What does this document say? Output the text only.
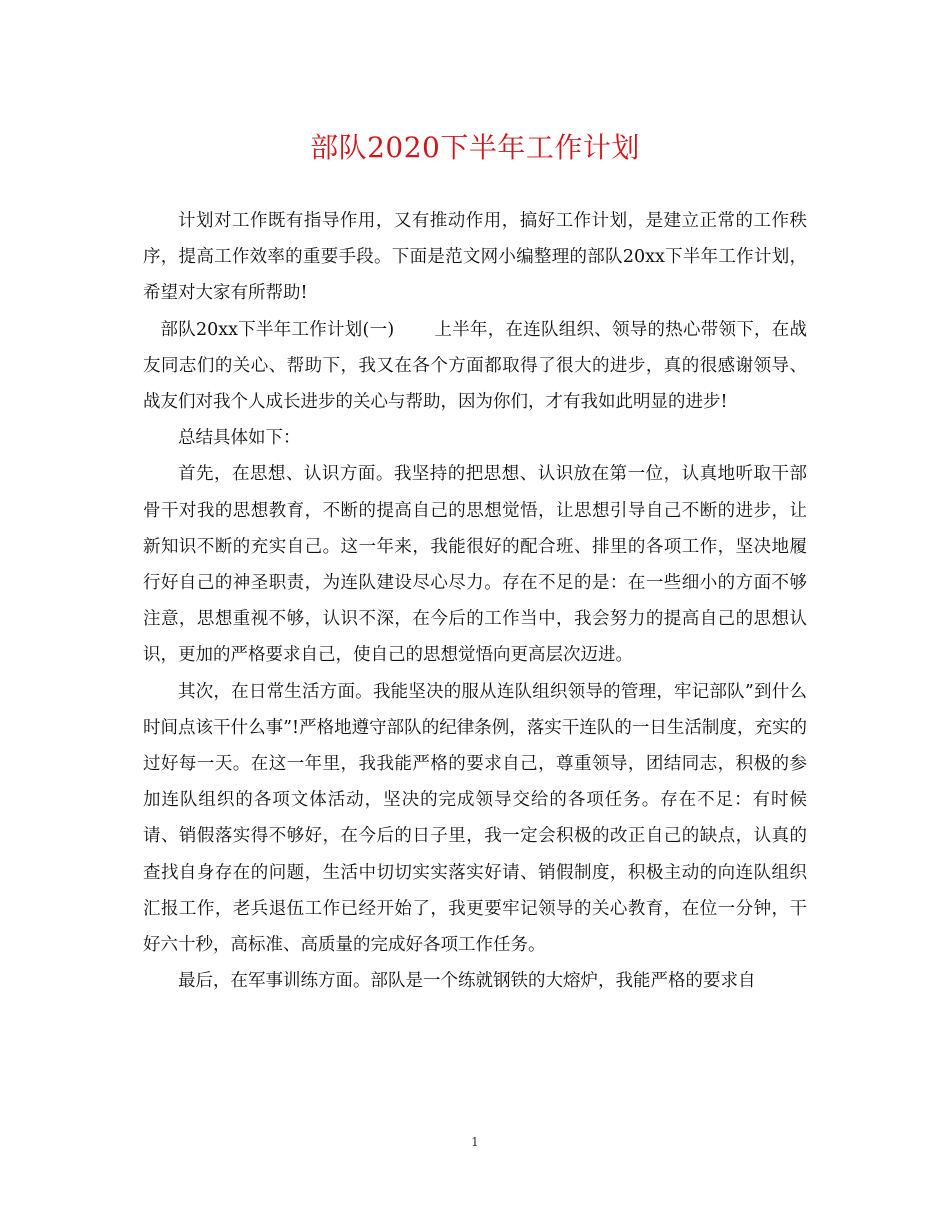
部队2020下半年工作计划

计划对工作既有指导作用，又有推动作用，搞好工作计划，是建立正常的工作秩序，提高工作效率的重要手段。下面是范文网小编整理的部队20xx下半年工作计划，希望对大家有所帮助!

部队20xx下半年工作计划(一) 上半年，在连队组织、领导的热心带领下，在战友同志们的关心、帮助下，我又在各个方面都取得了很大的进步，真的很感谢领导、战友们对我个人成长进步的关心与帮助，因为你们，才有我如此明显的进步!

总结具体如下：

首先，在思想、认识方面。我坚持的把思想、认识放在第一位，认真地听取干部骨干对我的思想教育，不断的提高自己的思想觉悟，让思想引导自己不断的进步，让新知识不断的充实自己。这一年来，我能很好的配合班、排里的各项工作，坚决地履行好自己的神圣职责，为连队建设尽心尽力。存在不足的是：在一些细小的方面不够注意，思想重视不够，认识不深，在今后的工作当中，我会努力的提高自己的思想认识，更加的严格要求自己，使自己的思想觉悟向更高层次迈进。

其次，在日常生活方面。我能坚决的服从连队组织领导的管理，牢记部队”到什么时间点该干什么事”!严格地遵守部队的纪律条例，落实干连队的一日生活制度，充实的过好每一天。在这一年里，我我能严格的要求自己，尊重领导，团结同志，积极的参加连队组织的各项文体活动，坚决的完成领导交给的各项任务。存在不足：有时候请、销假落实得不够好，在今后的日子里，我一定会积极的改正自己的缺点，认真的查找自身存在的问题，生活中切切实实落实好请、销假制度，积极主动的向连队组织汇报工作，老兵退伍工作已经开始了，我更要牢记领导的关心教育，在位一分钟，干好六十秒，高标准、高质量的完成好各项工作任务。

最后，在军事训练方面。部队是一个练就钢铁的大熔炉，我能严格的要求自

1
